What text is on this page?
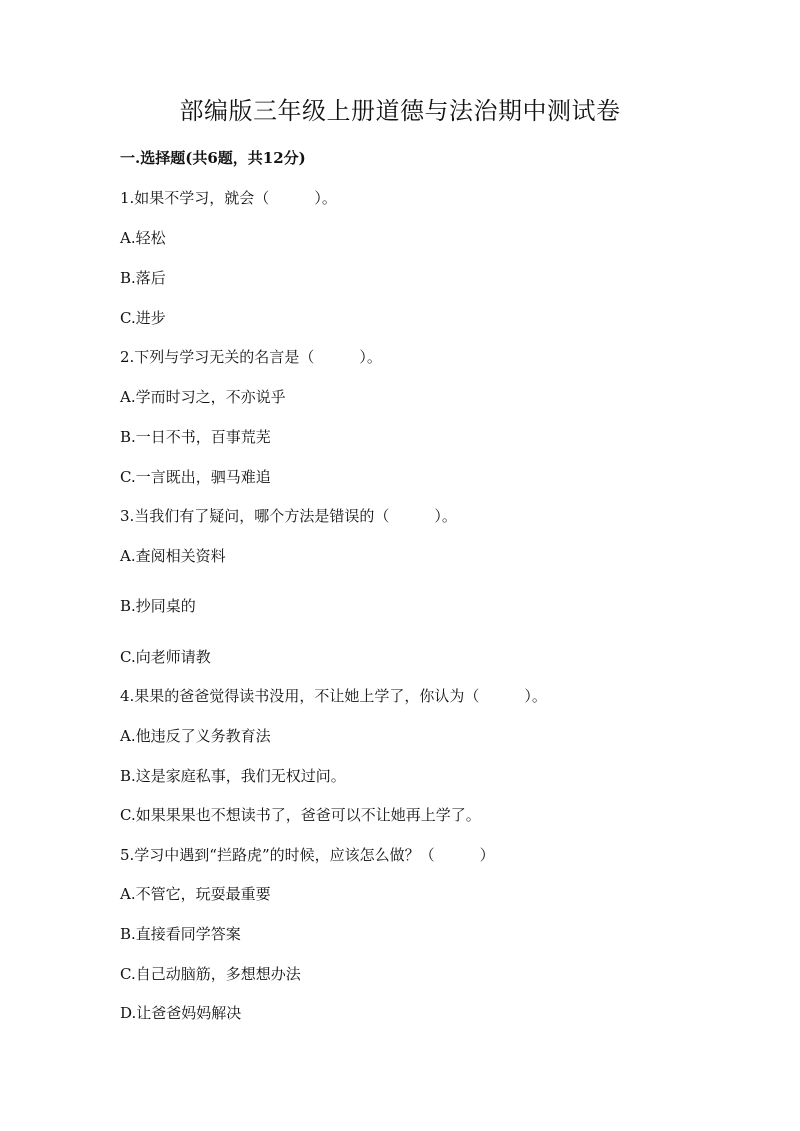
部编版三年级上册道德与法治期中测试卷
一.选择题(共6题，共12分)
1.如果不学习，就会（　　　）。
A.轻松
B.落后
C.进步
2.下列与学习无关的名言是（　　　）。
A.学而时习之，不亦说乎
B.一日不书，百事荒芜
C.一言既出，驷马难追
3.当我们有了疑问，哪个方法是错误的（　　　）。
A.查阅相关资料
B.抄同桌的
C.向老师请教
4.果果的爸爸觉得读书没用，不让她上学了，你认为（　　　）。
A.他违反了义务教育法
B.这是家庭私事，我们无权过问。
C.如果果果也不想读书了，爸爸可以不让她再上学了。
5.学习中遇到“拦路虎”的时候，应该怎么做？（　　　）
A.不管它，玩耍最重要
B.直接看同学答案
C.自己动脑筋，多想想办法
D.让爸爸妈妈解决
